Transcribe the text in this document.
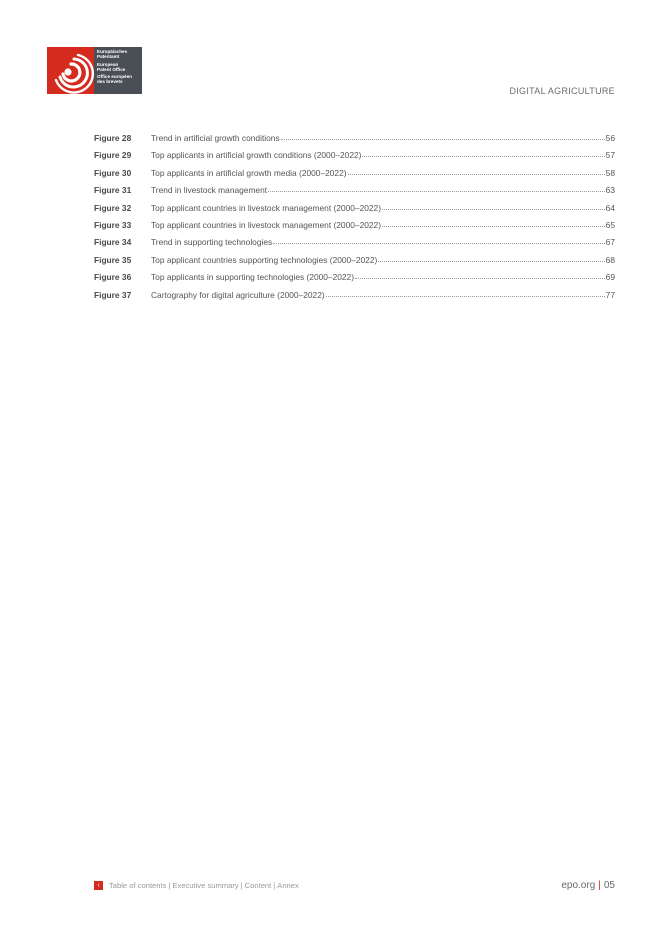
Europäisches
Patentamt
European
Patent Office
Office européen
des brevets
DIGITAL AGRICULTURE
Figure 28	Trend in artificial growth conditions	56
Figure 29	Top applicants in artificial growth conditions (2000–2022)	57
Figure 30	Top applicants in artificial growth media (2000–2022)	58
Figure 31	Trend in livestock management	63
Figure 32	Top applicant countries in livestock management (2000–2022)	64
Figure 33	Top applicant countries in livestock management (2000–2022)	65
Figure 34	Trend in supporting technologies	67
Figure 35	Top applicant countries supporting technologies (2000–2022)	68
Figure 36	Top applicants in supporting technologies (2000–2022)	69
Figure 37	Cartography for digital agriculture (2000–2022)	77
‹	Table of contents | Executive summary | Content | Annex	epo.org | 05
